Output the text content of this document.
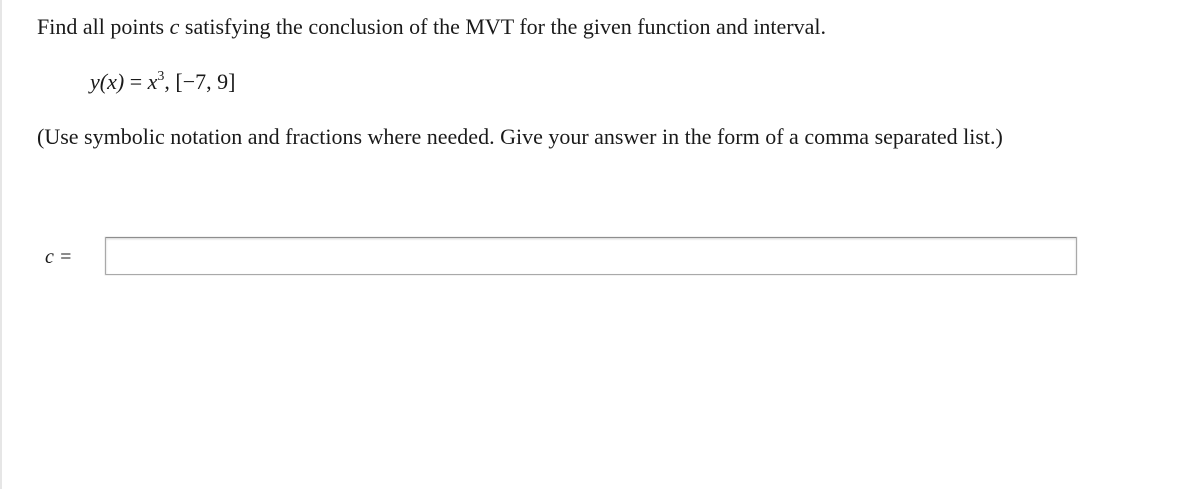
Find all points c satisfying the conclusion of the MVT for the given function and interval.
$y(x) = x^3$, [−7, 9]
(Use symbolic notation and fractions where needed. Give your answer in the form of a comma separated list.)
c =
